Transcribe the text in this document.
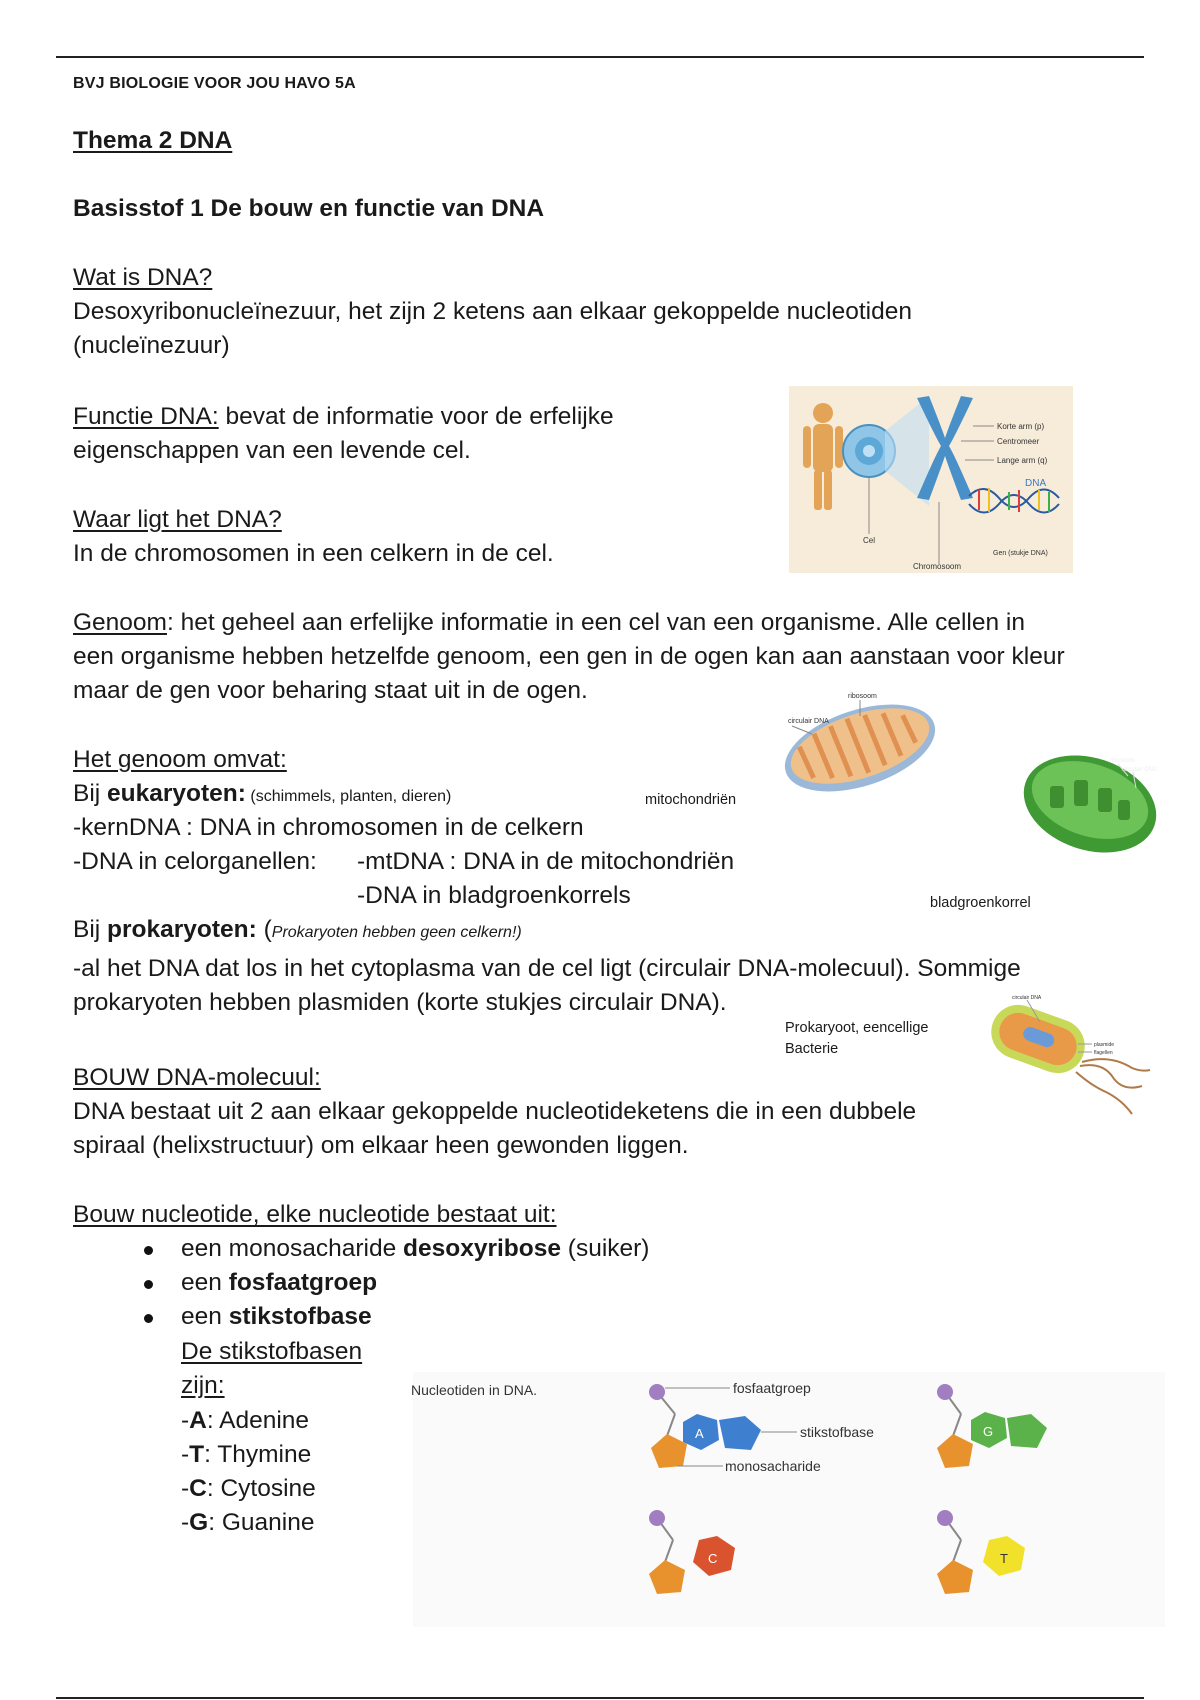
BVJ BIOLOGIE VOOR JOU HAVO 5A
Thema 2 DNA
Basisstof 1 De bouw en functie van DNA
Wat is DNA?
Desoxyribonucleïnezuur, het zijn 2 ketens aan elkaar gekoppelde nucleotiden
(nucleïnezuur)
Functie DNA: bevat de informatie voor de erfelijke
eigenschappen van een levende cel.
Waar ligt het DNA?
In de chromosomen in een celkern in de cel.
Korte arm (p)
Centromeer
Lange arm (q)
DNA
Cel
Chromosoom
Gen (stukje DNA)
Genoom: het geheel aan erfelijke informatie in een cel van een organisme. Alle cellen in
een organisme hebben hetzelfde genoom, een gen in de ogen kan aan aanstaan voor kleur
maar de gen voor beharing staat uit in de ogen.	ribosoom
circulair DNA
mitochondriën
ribosoom
circulair DNA
bladgroenkorrel
Het genoom omvat:
Bij eukaryoten: (schimmels, planten, dieren)
-kernDNA : DNA in chromosomen in de celkern
-DNA in celorganellen: -mtDNA : DNA in de mitochondriën
-DNA in bladgroenkorrels
Bij prokaryoten: (Prokaryoten hebben geen celkern!)
-al het DNA dat los in het cytoplasma van de cel ligt (circulair DNA-molecuul). Sommige
prokaryoten hebben plasmiden (korte stukjes circulair DNA).
Prokaryoot, eencellige
Bacterie
circulair DNA
plasmide
flagellen
BOUW DNA-molecuul:
DNA bestaat uit 2 aan elkaar gekoppelde nucleotideketens die in een dubbele
spiraal (helixstructuur) om elkaar heen gewonden liggen.
Bouw nucleotide, elke nucleotide bestaat uit:
een monosacharide desoxyribose (suiker)
een fosfaatgroep
een stikstofbase
De stikstofbasen
zijn:
-A: Adenine
-T: Thymine
-C: Cytosine
-G: Guanine
Nucleotiden in DNA.
A
fosfaatgroep
stikstofbase
monosacharide
G
C	T
